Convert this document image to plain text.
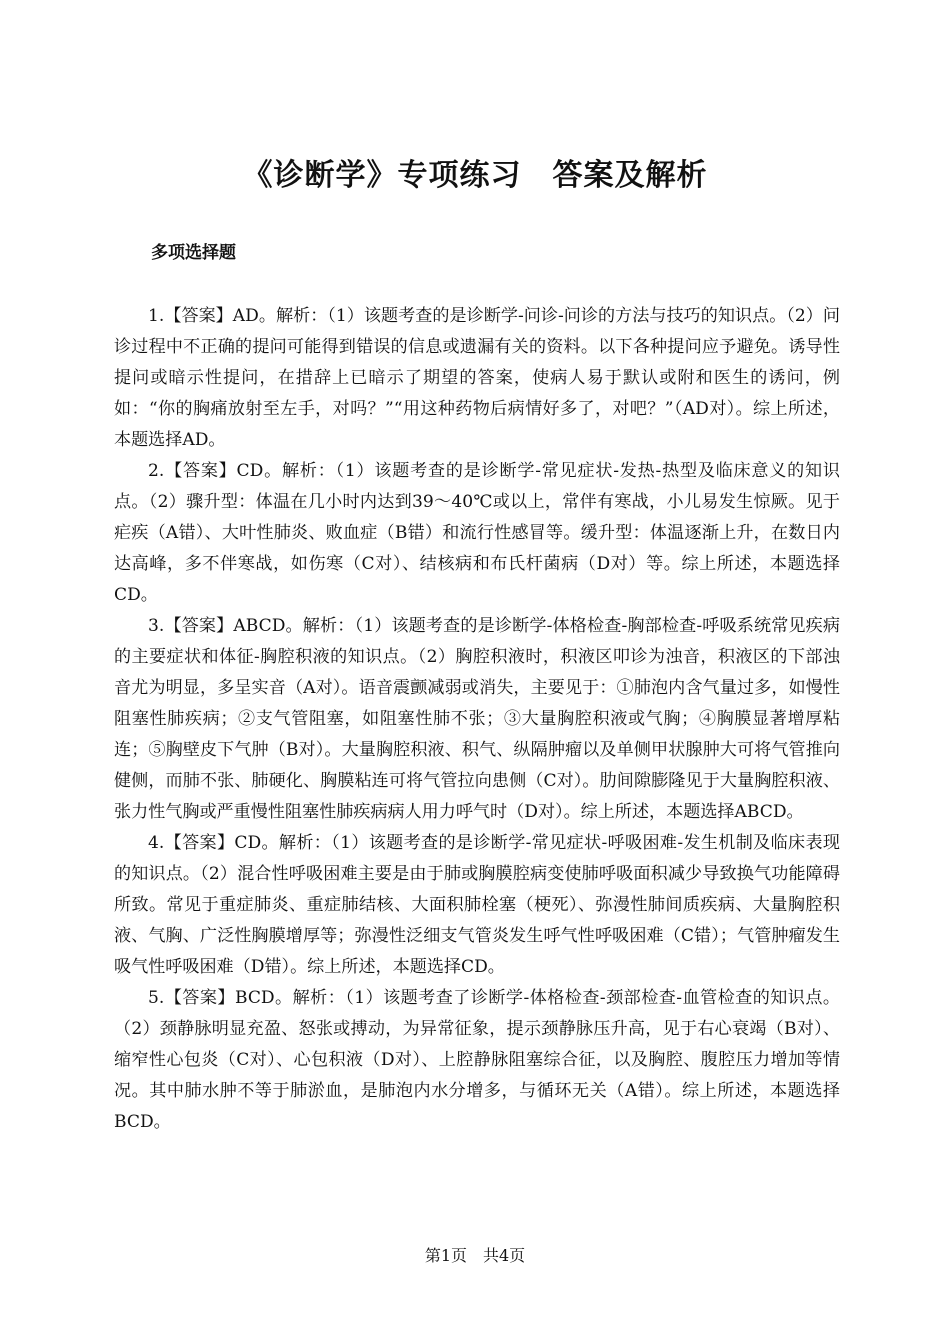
《诊断学》专项练习　答案及解析
多项选择题

1.【答案】AD。解析：（1）该题考查的是诊断学-问诊-问诊的方法与技巧的知识点。（2）问诊过程中不正确的提问可能得到错误的信息或遗漏有关的资料。以下各种提问应予避免。诱导性提问或暗示性提问，在措辞上已暗示了期望的答案，使病人易于默认或附和医生的诱问，例如：“你的胸痛放射至左手，对吗？”“用这种药物后病情好多了，对吧？”（AD对）。综上所述，本题选择AD。

2.【答案】CD。解析：（1）该题考查的是诊断学-常见症状-发热-热型及临床意义的知识点。（2）骤升型：体温在几小时内达到39～40℃或以上，常伴有寒战，小儿易发生惊厥。见于疟疾（A错）、大叶性肺炎、败血症（B错）和流行性感冒等。缓升型：体温逐渐上升，在数日内达高峰，多不伴寒战，如伤寒（C对）、结核病和布氏杆菌病（D对）等。综上所述，本题选择CD。

3.【答案】ABCD。解析：（1）该题考查的是诊断学-体格检查-胸部检查-呼吸系统常见疾病的主要症状和体征-胸腔积液的知识点。（2）胸腔积液时，积液区叩诊为浊音，积液区的下部浊音尤为明显，多呈实音（A对）。语音震颤减弱或消失，主要见于：①肺泡内含气量过多，如慢性阻塞性肺疾病；②支气管阻塞，如阻塞性肺不张；③大量胸腔积液或气胸；④胸膜显著增厚粘连；⑤胸壁皮下气肿（B对）。大量胸腔积液、积气、纵隔肿瘤以及单侧甲状腺肿大可将气管推向健侧，而肺不张、肺硬化、胸膜粘连可将气管拉向患侧（C对）。肋间隙膨隆见于大量胸腔积液、张力性气胸或严重慢性阻塞性肺疾病病人用力呼气时（D对）。综上所述，本题选择ABCD。

4.【答案】CD。解析：（1）该题考查的是诊断学-常见症状-呼吸困难-发生机制及临床表现的知识点。（2）混合性呼吸困难主要是由于肺或胸膜腔病变使肺呼吸面积减少导致换气功能障碍所致。常见于重症肺炎、重症肺结核、大面积肺栓塞（梗死）、弥漫性肺间质疾病、大量胸腔积液、气胸、广泛性胸膜增厚等；弥漫性泛细支气管炎发生呼气性呼吸困难（C错）；气管肿瘤发生吸气性呼吸困难（D错）。综上所述，本题选择CD。

5.【答案】BCD。解析：（1）该题考查了诊断学-体格检查-颈部检查-血管检查的知识点。（2）颈静脉明显充盈、怒张或搏动，为异常征象，提示颈静脉压升高，见于右心衰竭（B对）、缩窄性心包炎（C对）、心包积液（D对）、上腔静脉阻塞综合征，以及胸腔、腹腔压力增加等情况。其中肺水肿不等于肺淤血，是肺泡内水分增多，与循环无关（A错）。综上所述，本题选择BCD。

第1页　共4页
